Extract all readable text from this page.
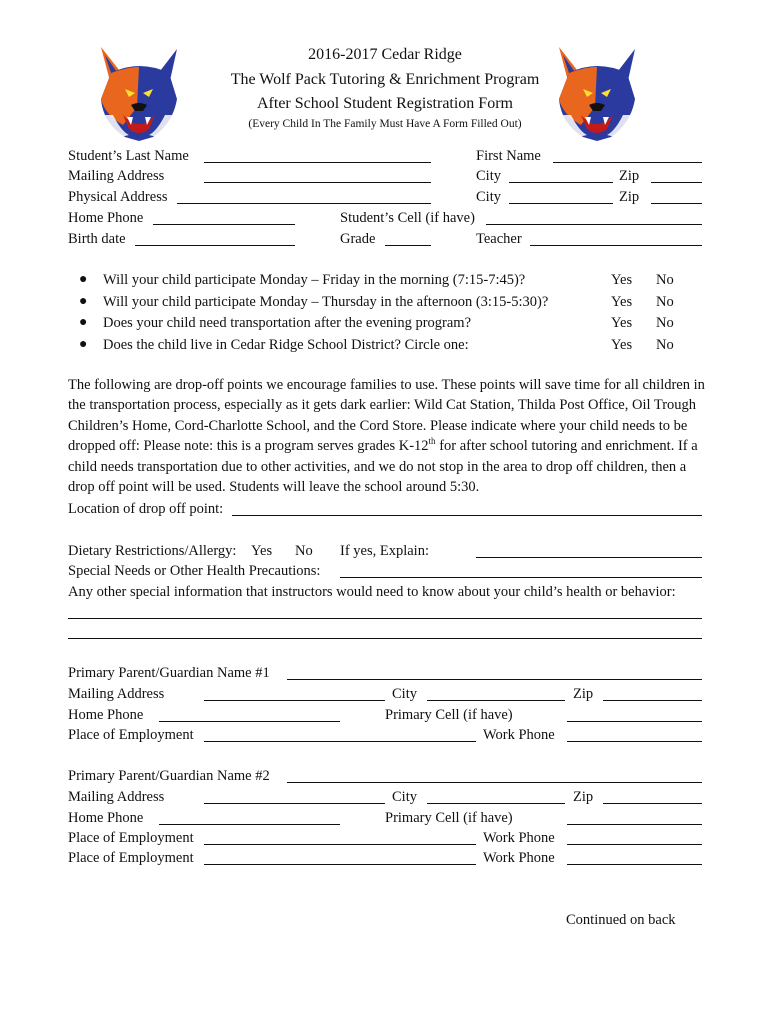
2016-2017 Cedar Ridge
The Wolf Pack Tutoring & Enrichment Program
After School Student Registration Form
(Every Child In The Family Must Have A Form Filled Out)
Student’s Last Name	First Name
Mailing Address	City	Zip
Physical Address	City	Zip
Home Phone	Student’s Cell (if have)
Birth date	Grade	Teacher
● Will your child participate Monday – Friday in the morning (7:15-7:45)?	Yes No
● Will your child participate Monday – Thursday in the afternoon (3:15-5:30)?	Yes No
● Does your child need transportation after the evening program?	Yes No
● Does the child live in Cedar Ridge School District? Circle one:	Yes No
The following are drop-off points we encourage families to use. These points will save time for all children in the transportation process, especially as it gets dark earlier: Wild Cat Station, Thilda Post Office, Oil Trough Children’s Home, Cord-Charlotte School, and the Cord Store. Please indicate where your child needs to be dropped off: Please note: this is a program serves grades K-12th for after school tutoring and enrichment. If a child needs transportation due to other activities, and we do not stop in the area to drop off children, then a drop off point will be used. Students will leave the school around 5:30.
Location of drop off point:
Dietary Restrictions/Allergy: Yes No If yes, Explain:
Special Needs or Other Health Precautions:
Any other special information that instructors would need to know about your child’s health or behavior:
Primary Parent/Guardian Name #1
Mailing Address	City	Zip
Home Phone	Primary Cell (if have)
Place of Employment	Work Phone
Primary Parent/Guardian Name #2
Mailing Address	City	Zip
Home Phone	Primary Cell (if have)
Place of Employment	Work Phone
Place of Employment	Work Phone
Continued on back
